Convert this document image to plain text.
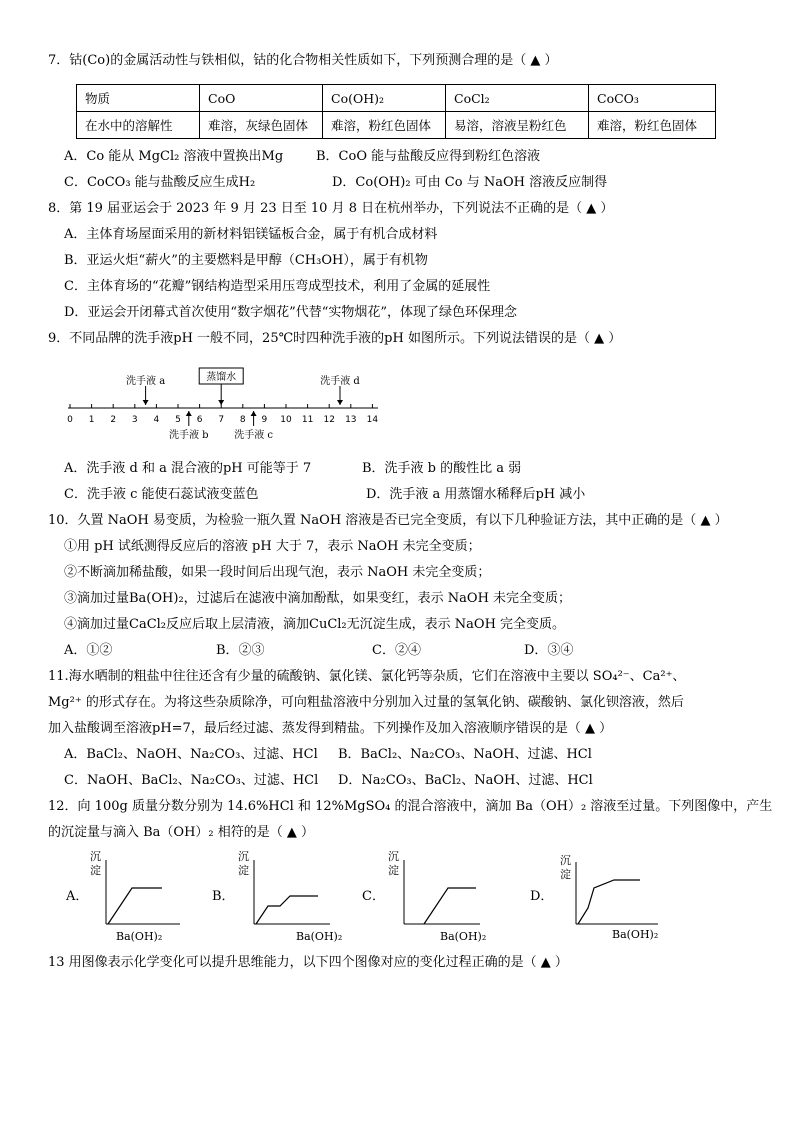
7．钴(Co)的金属活动性与铁相似，钴的化合物相关性质如下，下列预测合理的是（ ▲ ）
物质	CoO	Co(OH)₂	CoCl₂	CoCO₃
在水中的溶解性	难溶，灰绿色固体	难溶，粉红色固体	易溶，溶液呈粉红色	难溶，粉红色固体
A．Co 能从 MgCl₂ 溶液中置换出Mg	B．CoO 能与盐酸反应得到粉红色溶液
C．CoCO₃ 能与盐酸反应生成H₂	D．Co(OH)₂ 可由 Co 与 NaOH 溶液反应制得
8．第 19 届亚运会于 2023 年 9 月 23 日至 10 月 8 日在杭州举办，下列说法不正确的是（ ▲ ）
A．主体育场屋面采用的新材料铝镁锰板合金，属于有机合成材料
B．亚运火炬“薪火”的主要燃料是甲醇（CH₃OH），属于有机物
C．主体育场的“花瓣”钢结构造型采用压弯成型技术，利用了金属的延展性
D．亚运会开闭幕式首次使用“数字烟花”代替“实物烟花”，体现了绿色环保理念
9．不同品牌的洗手液pH 一般不同，25℃时四种洗手液的pH 如图所示。下列说法错误的是（ ▲ ）
0 1 2 3 4 5 6 7 8 9 10 11 12 13 14
洗手液 a	蒸馏水	洗手液 d
洗手液 b	洗手液 c
A．洗手液 d 和 a 混合液的pH 可能等于 7	B．洗手液 b 的酸性比 a 弱
C．洗手液 c 能使石蕊试液变蓝色	D．洗手液 a 用蒸馏水稀释后pH 减小
10．久置 NaOH 易变质，为检验一瓶久置 NaOH 溶液是否已完全变质，有以下几种验证方法，其中正确的是（ ▲ ）
①用 pH 试纸测得反应后的溶液 pH 大于 7，表示 NaOH 未完全变质；
②不断滴加稀盐酸，如果一段时间后出现气泡，表示 NaOH 未完全变质；
③滴加过量Ba(OH)₂，过滤后在滤液中滴加酚酞，如果变红，表示 NaOH 未完全变质；
④滴加过量CaCl₂反应后取上层清液，滴加CuCl₂无沉淀生成，表示 NaOH 完全变质。
A．①②	B．②③	C．②④	D．③④
11.海水晒制的粗盐中往往还含有少量的硫酸钠、氯化镁、氯化钙等杂质，它们在溶液中主要以 SO₄²⁻、Ca²⁺、
Mg²⁺ 的形式存在。为将这些杂质除净，可向粗盐溶液中分别加入过量的氢氧化钠、碳酸钠、氯化钡溶液，然后
加入盐酸调至溶液pH=7，最后经过滤、蒸发得到精盐。下列操作及加入溶液顺序错误的是（ ▲ ）
A．BaCl₂、NaOH、Na₂CO₃、过滤、HCl B．BaCl₂、Na₂CO₃、NaOH、过滤、HCl
C．NaOH、BaCl₂、Na₂CO₃、过滤、HCl D．Na₂CO₃、BaCl₂、NaOH、过滤、HCl
12．向 100g 质量分数分别为 14.6%HCl 和 12%MgSO₄ 的混合溶液中，滴加 Ba（OH）₂ 溶液至过量。下列图像中，产生
的沉淀量与滴入 Ba（OH）₂ 相符的是（ ▲ ）
A．
沉
淀
Ba(OH)₂
B．
沉
淀
Ba(OH)₂
C．
沉
淀
Ba(OH)₂
D．
沉
淀
Ba(OH)₂
13 用图像表示化学变化可以提升思维能力，以下四个图像对应的变化过程正确的是（ ▲ ）
